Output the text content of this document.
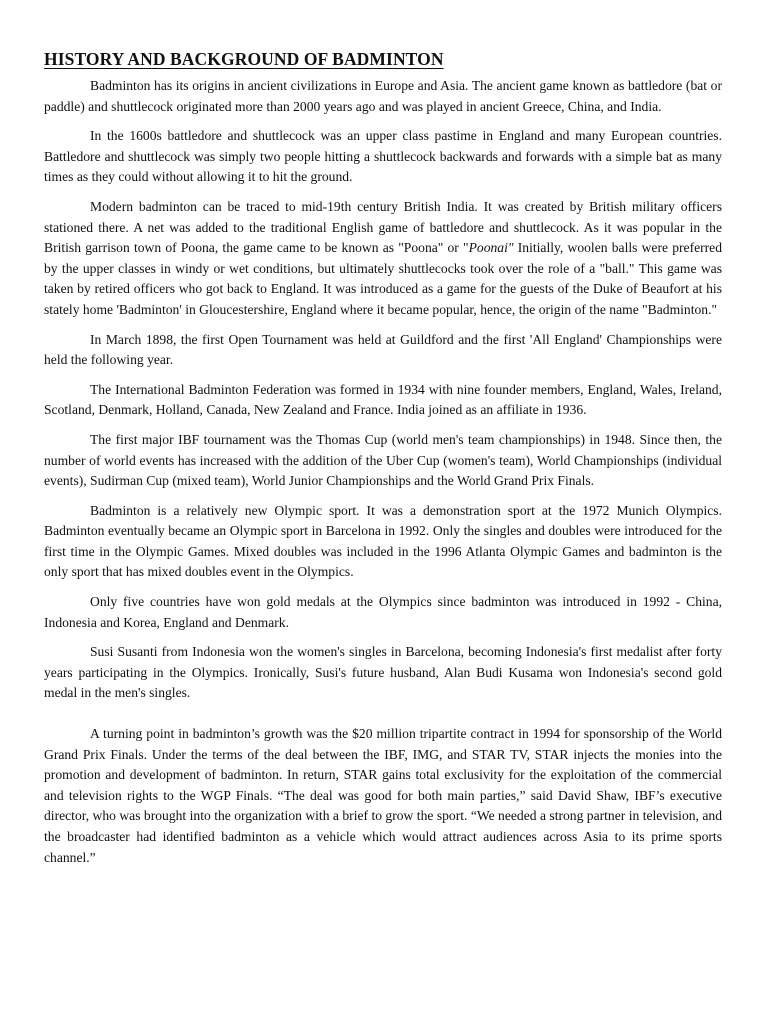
HISTORY AND BACKGROUND OF BADMINTON

Badminton has its origins in ancient civilizations in Europe and Asia. The ancient game known as battledore (bat or paddle) and shuttlecock originated more than 2000 years ago and was played in ancient Greece, China, and India.

In the 1600s battledore and shuttlecock was an upper class pastime in England and many European countries. Battledore and shuttlecock was simply two people hitting a shuttlecock backwards and forwards with a simple bat as many times as they could without allowing it to hit the ground.

Modern badminton can be traced to mid-19th century British India. It was created by British military officers stationed there. A net was added to the traditional English game of battledore and shuttlecock. As it was popular in the British garrison town of Poona, the game came to be known as "Poona" or "Poonai" Initially, woolen balls were preferred by the upper classes in windy or wet conditions, but ultimately shuttlecocks took over the role of a "ball." This game was taken by retired officers who got back to England. It was introduced as a game for the guests of the Duke of Beaufort at his stately home 'Badminton' in Gloucestershire, England where it became popular, hence, the origin of the name "Badminton."

In March 1898, the first Open Tournament was held at Guildford and the first 'All England' Championships were held the following year.

The International Badminton Federation was formed in 1934 with nine founder members, England, Wales, Ireland, Scotland, Denmark, Holland, Canada, New Zealand and France. India joined as an affiliate in 1936.

The first major IBF tournament was the Thomas Cup (world men's team championships) in 1948. Since then, the number of world events has increased with the addition of the Uber Cup (women's team), World Championships (individual events), Sudirman Cup (mixed team), World Junior Championships and the World Grand Prix Finals.

Badminton is a relatively new Olympic sport. It was a demonstration sport at the 1972 Munich Olympics. Badminton eventually became an Olympic sport in Barcelona in 1992. Only the singles and doubles were introduced for the first time in the Olympic Games. Mixed doubles was included in the 1996 Atlanta Olympic Games and badminton is the only sport that has mixed doubles event in the Olympics.

Only five countries have won gold medals at the Olympics since badminton was introduced in 1992 - China, Indonesia and Korea, England and Denmark.

Susi Susanti from Indonesia won the women's singles in Barcelona, becoming Indonesia's first medalist after forty years participating in the Olympics. Ironically, Susi's future husband, Alan Budi Kusama won Indonesia's second gold medal in the men's singles.

A turning point in badminton’s growth was the $20 million tripartite contract in 1994 for sponsorship of the World Grand Prix Finals. Under the terms of the deal between the IBF, IMG, and STAR TV, STAR injects the monies into the promotion and development of badminton. In return, STAR gains total exclusivity for the exploitation of the commercial and television rights to the WGP Finals. “The deal was good for both main parties,” said David Shaw, IBF’s executive director, who was brought into the organization with a brief to grow the sport. “We needed a strong partner in television, and the broadcaster had identified badminton as a vehicle which would attract audiences across Asia to its prime sports channel.”
